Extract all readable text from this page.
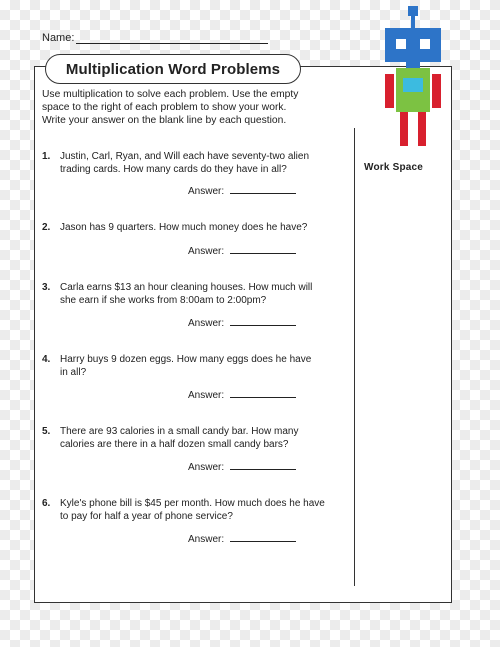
Name:
Multiplication Word Problems
Use multiplication to solve each problem. Use the empty
space to the right of each problem to show your work.
Write your answer on the blank line by each question.
Work Space
1. Justin, Carl, Ryan, and Will each have seventy-two alien
trading cards. How many cards do they have in all?
Answer:
2. Jason has 9 quarters. How much money does he have?
Answer:
3. Carla earns $13 an hour cleaning houses. How much will
she earn if she works from 8:00am to 2:00pm?
Answer:
4. Harry buys 9 dozen eggs. How many eggs does he have
in all?
Answer:
5. There are 93 calories in a small candy bar. How many
calories are there in a half dozen small candy bars?
Answer:
6. Kyle's phone bill is $45 per month. How much does he have
to pay for half a year of phone service?
Answer:
